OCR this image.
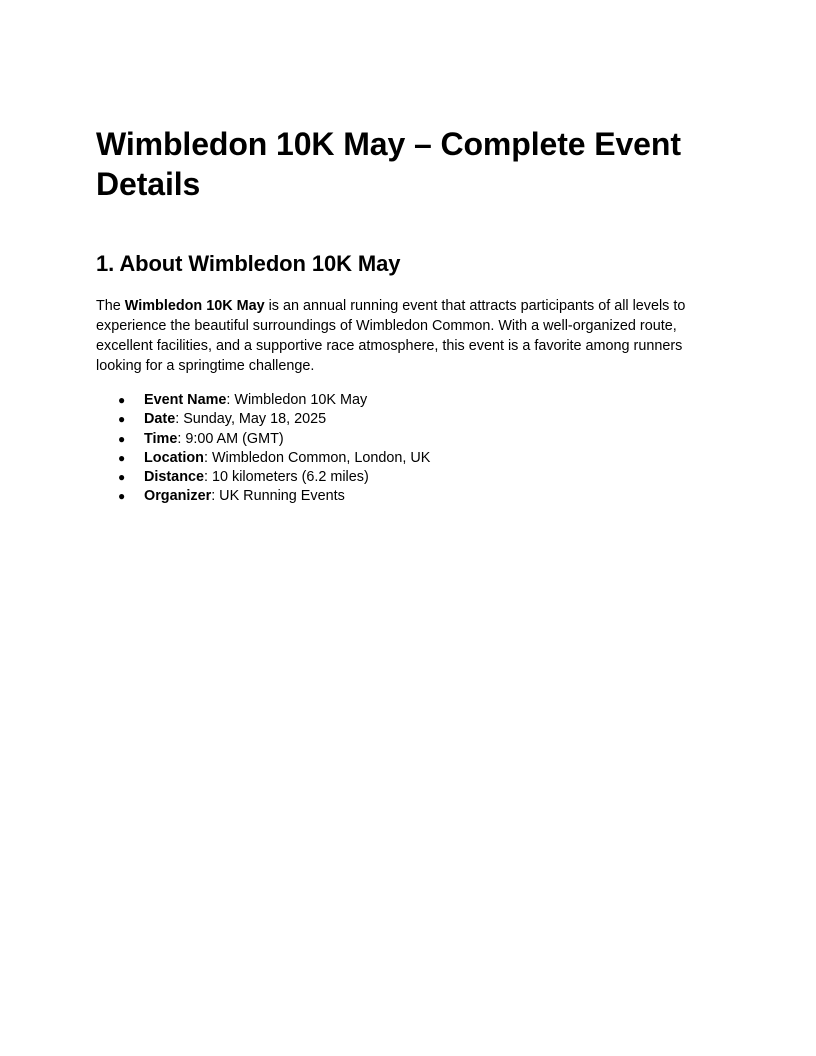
Wimbledon 10K May – Complete Event Details
1. About Wimbledon 10K May

The Wimbledon 10K May is an annual running event that attracts participants of all levels to experience the beautiful surroundings of Wimbledon Common. With a well-organized route, excellent facilities, and a supportive race atmosphere, this event is a favorite among runners looking for a springtime challenge.

● Event Name: Wimbledon 10K May
● Date: Sunday, May 18, 2025
● Time: 9:00 AM (GMT)
● Location: Wimbledon Common, London, UK
● Distance: 10 kilometers (6.2 miles)
● Organizer: UK Running Events
